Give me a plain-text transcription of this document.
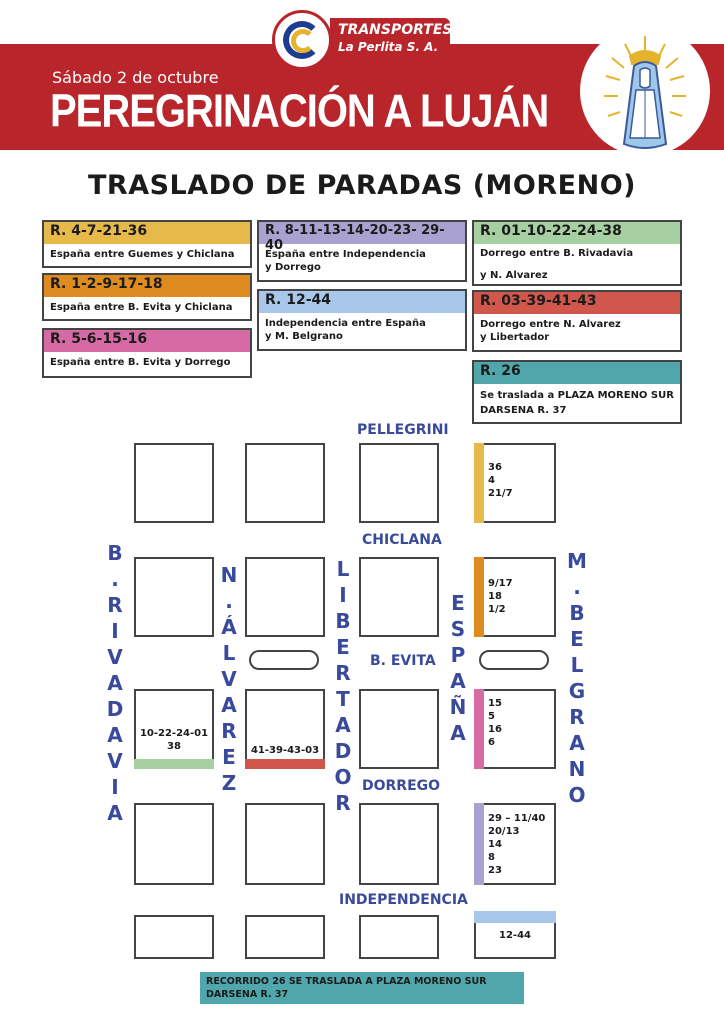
TRANSPORTES
La Perlita S. A.
Sábado 2 de octubre
PEREGRINACIÓN A LUJÁN
TRASLADO DE PARADAS (MORENO)
R. 4-7-21-36
España entre Guemes y Chiclana
R. 1-2-9-17-18
España entre B. Evita y Chiclana
R. 5-6-15-16
España entre B. Evita y Dorrego
R. 8-11-13-14-20-23- 29-40
España entre Independencia
y Dorrego
R. 12-44
Independencia entre España
y M. Belgrano
R. 01-10-22-24-38
Dorrego entre B. Rivadavia

y N. Alvarez
R. 03-39-41-43
Dorrego entre N. Alvarez
y Libertador
R. 26
Se traslada a PLAZA MORENO SUR
DARSENA R. 37
PELLEGRINI
CHICLANA
B. EVITA
DORREGO
INDEPENDENCIA
B
.
R
I
V
A
D
A
V
I
A
N
.
Á
L
V
A
R
E
Z
L
I
B
E
R
T
A
D
O
R
E
S
P
A
Ñ
A
M
.
B
E
L
G
R
A
N
O
36
4
21/7
9/17
18
1/2
10-22-24-01
38	41-39-43-03
15
5
16
6
29 – 11/40
20/13
14
8
23
12-44
RECORRIDO 26 SE TRASLADA A PLAZA MORENO SUR
DARSENA R. 37
